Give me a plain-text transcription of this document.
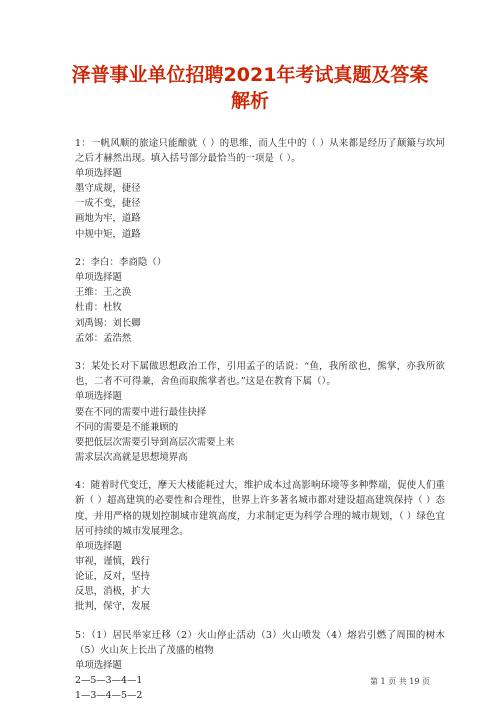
泽普事业单位招聘2021年考试真题及答案
解析

1：一帆风顺的旅途只能酿就（ ）的思维，而人生中的（ ）从来都是经历了颠簸与坎坷之后才赫然出现。填入括号部分最恰当的一项是（ ）。

单项选择题

墨守成规，捷径

一成不变，捷径

画地为牢，道路

中规中矩，道路

2：李白：李商隐（）

单项选择题

王维：王之涣

杜甫：杜牧

刘禹锡：刘长卿

孟郊：孟浩然

3：某处长对下属做思想政治工作，引用孟子的话说：“鱼，我所欲也，熊掌，亦我所欲也，二者不可得兼，舍鱼而取熊掌者也。”这是在教育下属（）。

单项选择题

要在不同的需要中进行最佳抉择

不同的需要是不能兼顾的

要把低层次需要引导到高层次需要上来

需求层次高就是思想境界高

4：随着时代变迁，摩天大楼能耗过大，维护成本过高影响环境等多种弊端，促使人们重新（ ）超高建筑的必要性和合理性，世界上许多著名城市都对建设超高建筑保持（ ）态度，并用严格的规划控制城市建筑高度，力求制定更为科学合理的城市规划，（ ）绿色宜居可持续的城市发展理念。

单项选择题

审视，谨慎，践行

论证，反对，坚持

反思，消极，扩大

批判，保守，发展

5：（1）居民举家迁移（2）火山停止活动（3）火山喷发（4）熔岩引燃了周围的树木（5）火山灰上长出了茂盛的植物

单项选择题

2—5—3—4—1

1—3—4—5—2

第 1 页 共 19 页
